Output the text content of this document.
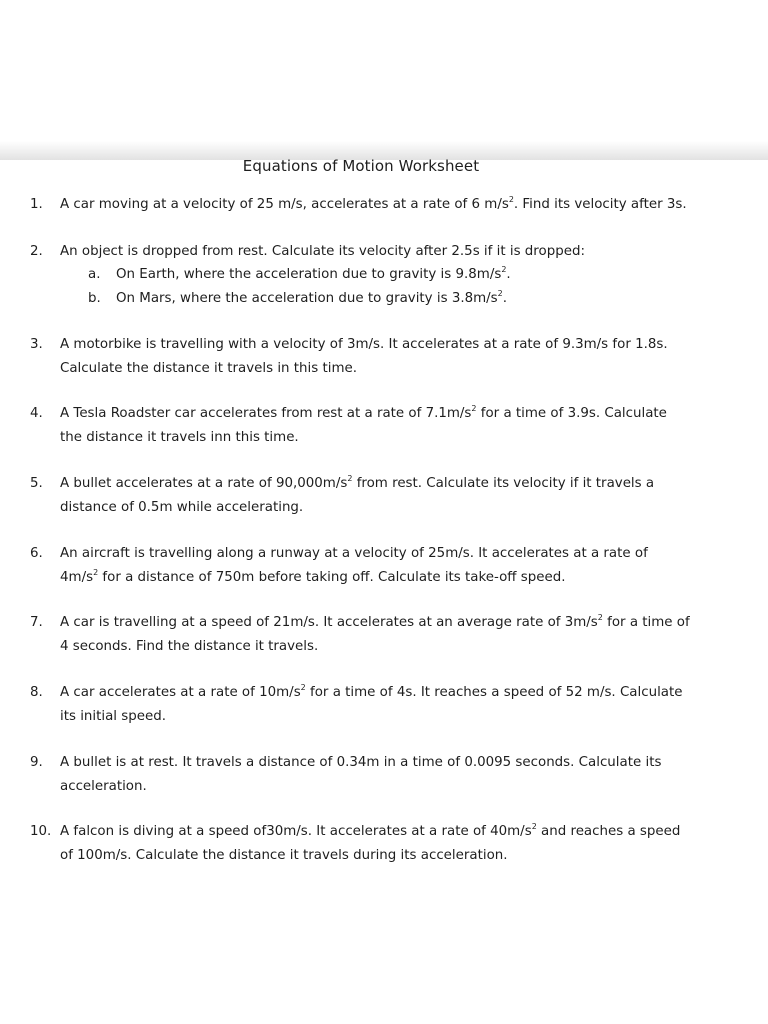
Equations of Motion Worksheet
1.	A car moving at a velocity of 25 m/s, accelerates at a rate of 6 $m/s^2$. Find its velocity after 3s.
2.	An object is dropped from rest. Calculate its velocity after 2.5s if it is dropped:
a.	On Earth, where the acceleration due to gravity is $9.8m/s^2$.
b.	On Mars, where the acceleration due to gravity is $3.8m/s^2$.
3.	A motorbike is travelling with a velocity of 3m/s. It accelerates at a rate of 9.3m/s for 1.8s.
Calculate the distance it travels in this time.
4.	A Tesla Roadster car accelerates from rest at a rate of $7.1m/s^2$ for a time of 3.9s. Calculate
the distance it travels inn this time.
5.	A bullet accelerates at a rate of $90,000m/s^2$ from rest. Calculate its velocity if it travels a
distance of 0.5m while accelerating.
6.	An aircraft is travelling along a runway at a velocity of 25m/s. It accelerates at a rate of
$4m/s^2$ for a distance of 750m before taking off. Calculate its take-off speed.
7.	A car is travelling at a speed of 21m/s. It accelerates at an average rate of $3m/s^2$ for a time of
4 seconds. Find the distance it travels.
8.	A car accelerates at a rate of $10m/s^2$ for a time of 4s. It reaches a speed of 52 m/s. Calculate
its initial speed.
9.	A bullet is at rest. It travels a distance of 0.34m in a time of 0.0095 seconds. Calculate its
acceleration.
10. A falcon is diving at a speed of30m/s. It accelerates at a rate of $40m/s^2$ and reaches a speed
of 100m/s. Calculate the distance it travels during its acceleration.
